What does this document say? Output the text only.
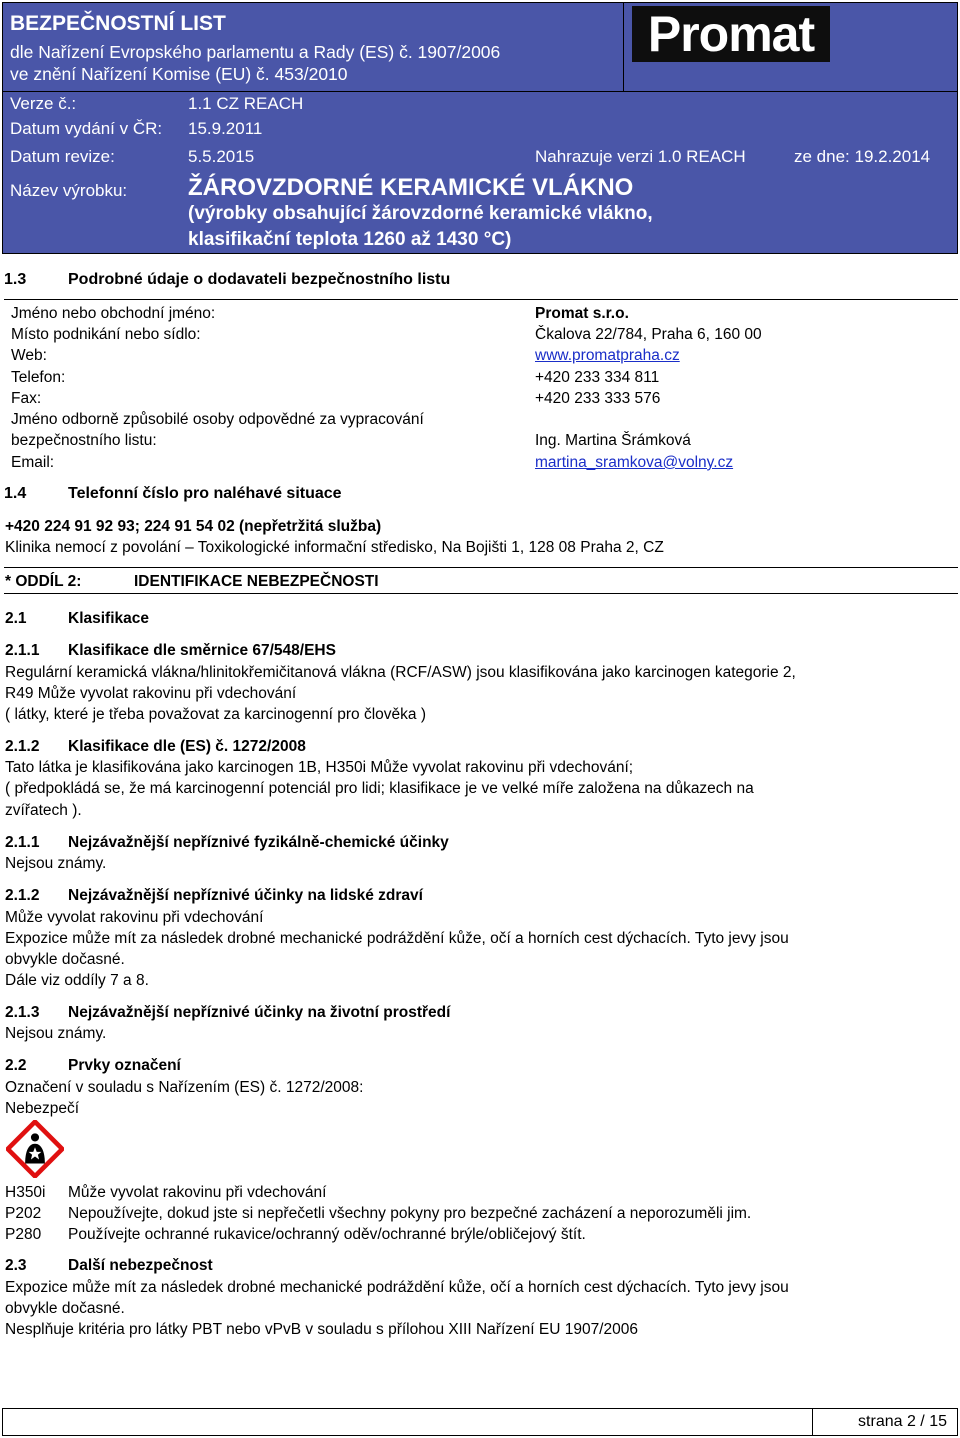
BEZPEČNOSTNÍ LIST
dle Nařízení Evropského parlamentu a Rady (ES) č. 1907/2006
ve znění Nařízení Komise (EU) č. 453/2010
Promat
Verze č.:	1.1 CZ REACH
Datum vydání v ČR: 15.9.2011
Datum revize:	5.5.2015	Nahrazuje verzi 1.0 REACH	ze dne: 19.2.2014
Název výrobku:	ŽÁROVZDORNÉ KERAMICKÉ VLÁKNO
(výrobky obsahující žárovzdorné keramické vlákno,
klasifikační teplota 1260 až 1430 °C)
1.3	Podrobné údaje o dodavateli bezpečnostního listu
Jméno nebo obchodní jméno:	Promat s.r.o.
Místo podnikání nebo sídlo:	Čkalova 22/784, Praha 6, 160 00
Web:	www.promatpraha.cz
Telefon:	+420 233 334 811
Fax:	+420 233 333 576
Jméno odborně způsobilé osoby odpovědné za vypracování
bezpečnostního listu:	Ing. Martina Šrámková
Email:	martina_sramkova@volny.cz
1.4	Telefonní číslo pro naléhavé situace
+420 224 91 92 93; 224 91 54 02 (nepřetržitá služba)
Klinika nemocí z povolání – Toxikologické informační středisko, Na Bojišti 1, 128 08 Praha 2, CZ
* ODDÍL 2:	IDENTIFIKACE NEBEZPEČNOSTI
2.1	Klasifikace
2.1.1 Klasifikace dle směrnice 67/548/EHS
Regulární keramická vlákna/hlinitokřemičitanová vlákna (RCF/ASW) jsou klasifikována jako karcinogen kategorie 2,
R49 Může vyvolat rakovinu při vdechování
( látky, které je třeba považovat za karcinogenní pro člověka )
2.1.2 Klasifikace dle (ES) č. 1272/2008
Tato látka je klasifikována jako karcinogen 1B, H350i Může vyvolat rakovinu při vdechování;
( předpokládá se, že má karcinogenní potenciál pro lidi; klasifikace je ve velké míře založena na důkazech na
zvířatech ).
2.1.1 Nejzávažnější nepříznivé fyzikálně-chemické účinky
Nejsou známy.
2.1.2 Nejzávažnější nepříznivé účinky na lidské zdraví
Může vyvolat rakovinu při vdechování
Expozice může mít za následek drobné mechanické podráždění kůže, očí a horních cest dýchacích. Tyto jevy jsou
obvykle dočasné.
Dále viz oddíly 7 a 8.
2.1.3 Nejzávažnější nepříznivé účinky na životní prostředí
Nejsou známy.
2.2	Prvky označení
Označení v souladu s Nařízením (ES) č. 1272/2008:
Nebezpečí
H350i Může vyvolat rakovinu při vdechování
P202 Nepoužívejte, dokud jste si nepřečetli všechny pokyny pro bezpečné zacházení a neporozuměli jim.
P280 Používejte ochranné rukavice/ochranný oděv/ochranné brýle/obličejový štít.
2.3	Další nebezpečnost
Expozice může mít za následek drobné mechanické podráždění kůže, očí a horních cest dýchacích. Tyto jevy jsou
obvykle dočasné.
Nesplňuje kritéria pro látky PBT nebo vPvB v souladu s přílohou XIII Nařízení EU 1907/2006
strana 2 / 15
